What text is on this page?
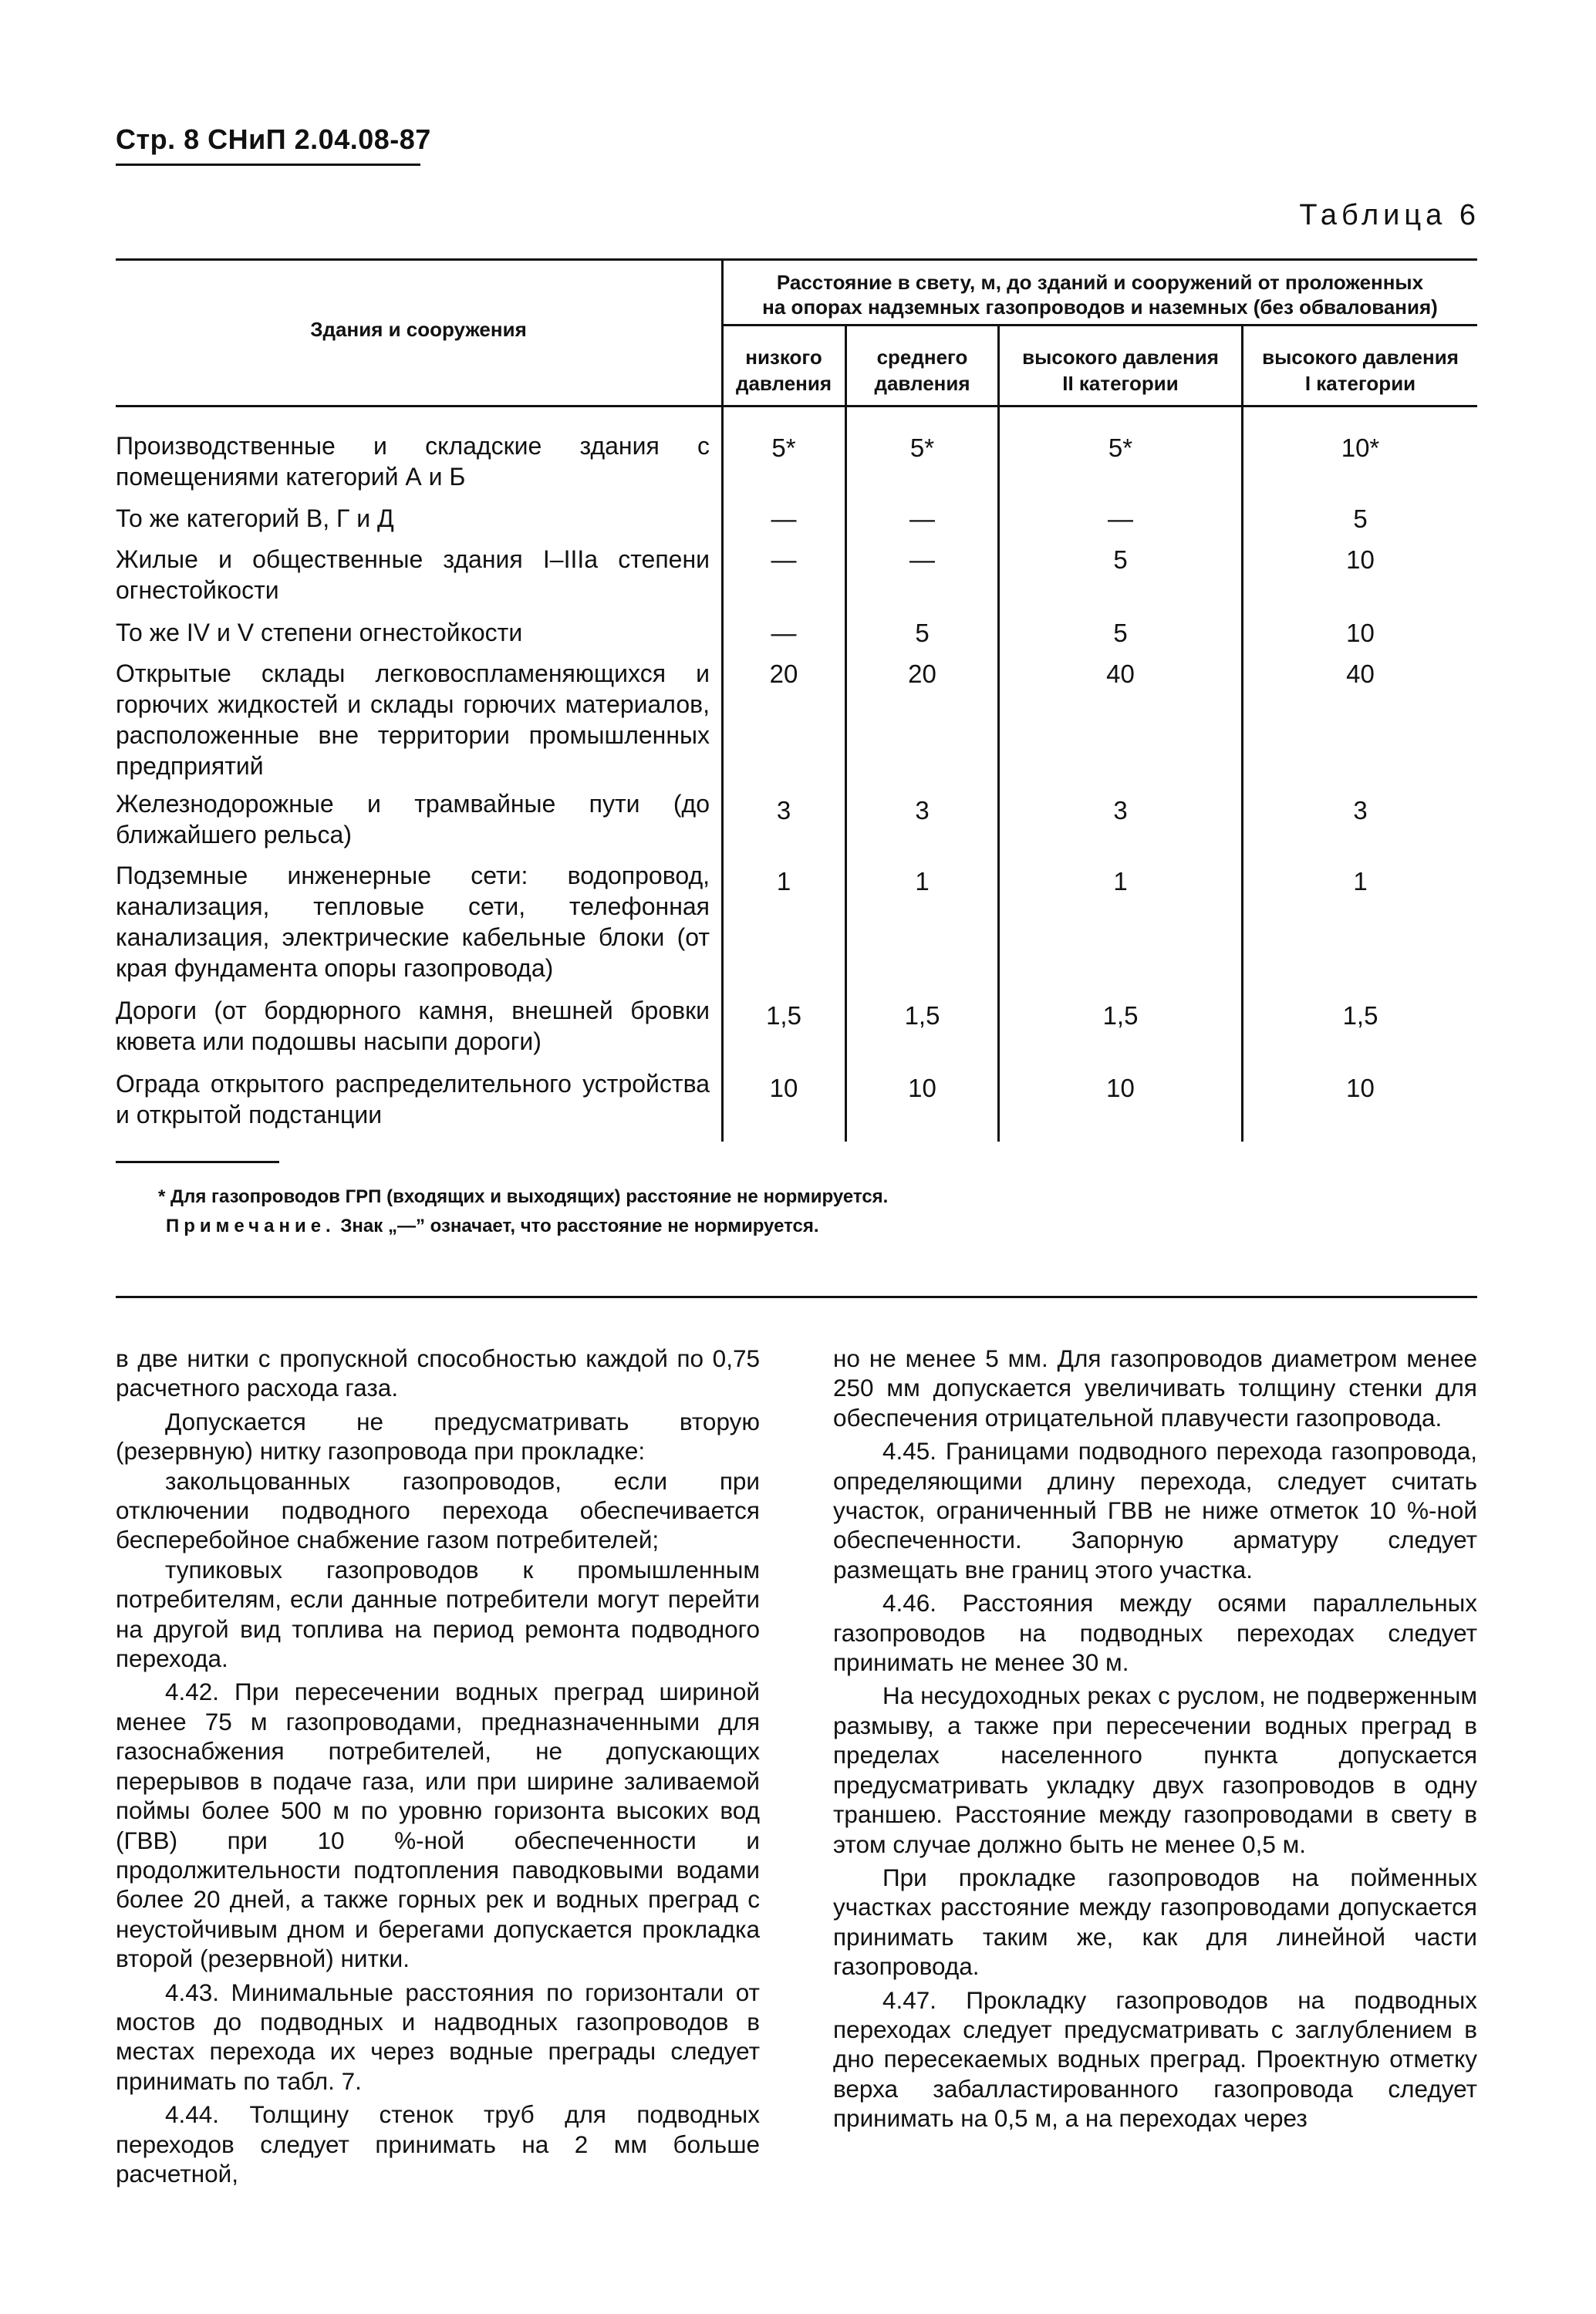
Стр. 8 СНиП 2.04.08-87
Таблица 6
Здания и сооружения
Расстояние в свету, м, до зданий и сооружений от проложенных
на опорах надземных газопроводов и наземных (без обвалования)
низкого
давления
среднего
давления
высокого давления
II категории
высокого давления
I категории
Производственные и складские здания с помещениями категорий А и Б
5*	5*	5*	10*
То же категорий В, Г и Д	—	—	—	5
Жилые и общественные здания I–IIIа степени огнестойкости
—	—	5	10
То же IV и V степени огнестойкости	—	5	5	10
Открытые склады легковоспламеняющихся и горючих жидкостей и склады горючих материалов, расположенные вне территории промышленных предприятий
20	20	40	40
Железнодорожные и трамвайные пути (до ближайшего рельса)
3	3	3	3
Подземные инженерные сети: водопровод, канализация, тепловые сети, телефонная канализация, электрические кабельные блоки (от края фундамента опоры газопровода)
1	1	1	1
Дороги (от бордюрного камня, внешней бровки кювета или подошвы насыпи дороги)
1,5	1,5	1,5	1,5
Ограда открытого распределительного устройства и открытой подстанции
10	10	10	10
* Для газопроводов ГРП (входящих и выходящих) расстояние не нормируется.
Примечание. Знак „—” означает, что расстояние не нормируется.

в две нитки с пропускной способностью каждой по 0,75 расчетного расхода газа.

Допускается не предусматривать вторую (резервную) нитку газопровода при прокладке:

закольцованных газопроводов, если при отключении подводного перехода обеспечивается бесперебойное снабжение газом потребителей;

тупиковых газопроводов к промышленным потребителям, если данные потребители могут перейти на другой вид топлива на период ремонта подводного перехода.

4.42. При пересечении водных преград шириной менее 75 м газопроводами, предназначенными для газоснабжения потребителей, не допускающих перерывов в подаче газа, или при ширине заливаемой поймы более 500 м по уровню горизонта высоких вод (ГВВ) при 10 %-ной обеспеченности и продолжительности подтопления паводковыми водами более 20 дней, а также горных рек и водных преград с неустойчивым дном и берегами допускается прокладка второй (резервной) нитки.

4.43. Минимальные расстояния по горизонтали от мостов до подводных и надводных газопроводов в местах перехода их через водные преграды следует принимать по табл. 7.

4.44. Толщину стенок труб для подводных переходов следует принимать на 2 мм больше расчетной,

но не менее 5 мм. Для газопроводов диаметром менее 250 мм допускается увеличивать толщину стенки для обеспечения отрицательной плавучести газопровода.

4.45. Границами подводного перехода газопровода, определяющими длину перехода, следует считать участок, ограниченный ГВВ не ниже отметок 10 %-ной обеспеченности. Запорную арматуру следует размещать вне границ этого участка.

4.46. Расстояния между осями параллельных газопроводов на подводных переходах следует принимать не менее 30 м.

На несудоходных реках с руслом, не подверженным размыву, а также при пересечении водных преград в пределах населенного пункта допускается предусматривать укладку двух газопроводов в одну траншею. Расстояние между газопроводами в свету в этом случае должно быть не менее 0,5 м.

При прокладке газопроводов на пойменных участках расстояние между газопроводами допускается принимать таким же, как для линейной части газопровода.

4.47. Прокладку газопроводов на подводных переходах следует предусматривать с заглублением в дно пересекаемых водных преград. Проектную отметку верха забалластированного газопровода следует принимать на 0,5 м, а на переходах через
